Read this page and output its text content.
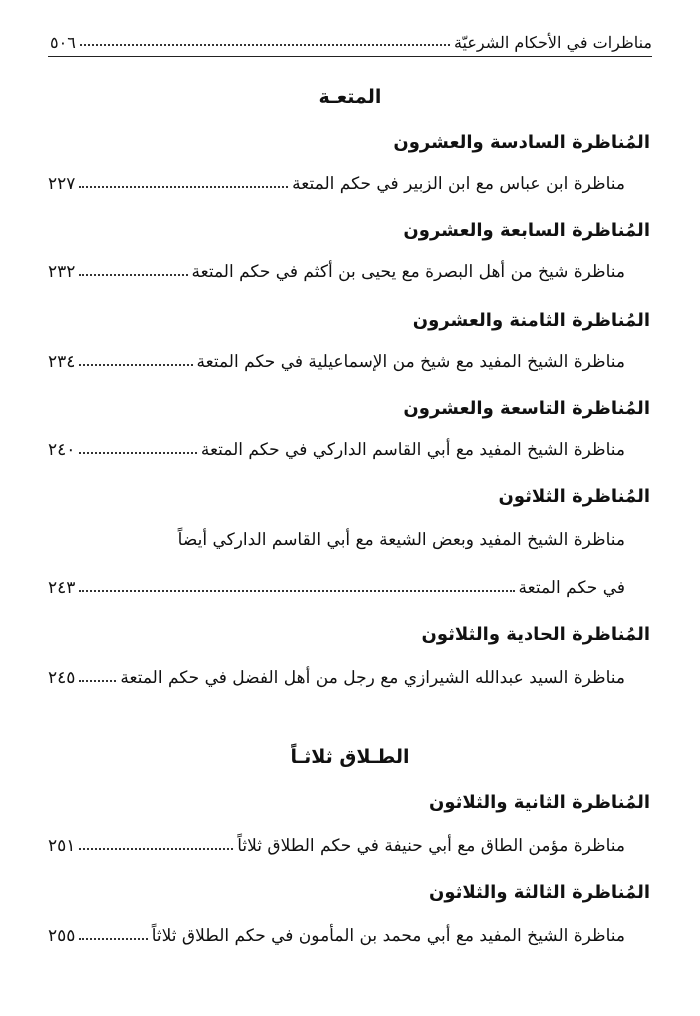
مناظرات في الأحكام الشرعيّة
٥٠٦
المتعـة
المُناظرة السادسة والعشرون
مناظرة ابن عباس مع ابن الزبير في حكم المتعة
٢٢٧
المُناظرة السابعة والعشرون
مناظرة شيخ من أهل البصرة مع يحيى بن أكثم في حكم المتعة
٢٣٢
المُناظرة الثامنة والعشرون
مناظرة الشيخ المفيد مع شيخ من الإسماعيلية في حكم المتعة
٢٣٤
المُناظرة التاسعة والعشرون
مناظرة الشيخ المفيد مع أبي القاسم الداركي في حكم المتعة
٢٤٠
المُناظرة الثلاثون
مناظرة الشيخ المفيد وبعض الشيعة مع أبي القاسم الداركي أيضاً
في حكم المتعة
٢٤٣
المُناظرة الحادية والثلاثون
مناظرة السيد عبدالله الشيرازي مع رجل من أهل الفضل في حكم المتعة
٢٤٥
الطـلاق ثلاثـاً
المُناظرة الثانية والثلاثون
مناظرة مؤمن الطاق مع أبي حنيفة في حكم الطلاق ثلاثاً
٢٥١
المُناظرة الثالثة والثلاثون
مناظرة الشيخ المفيد مع أبي محمد بن المأمون في حكم الطلاق ثلاثاً
٢٥٥
